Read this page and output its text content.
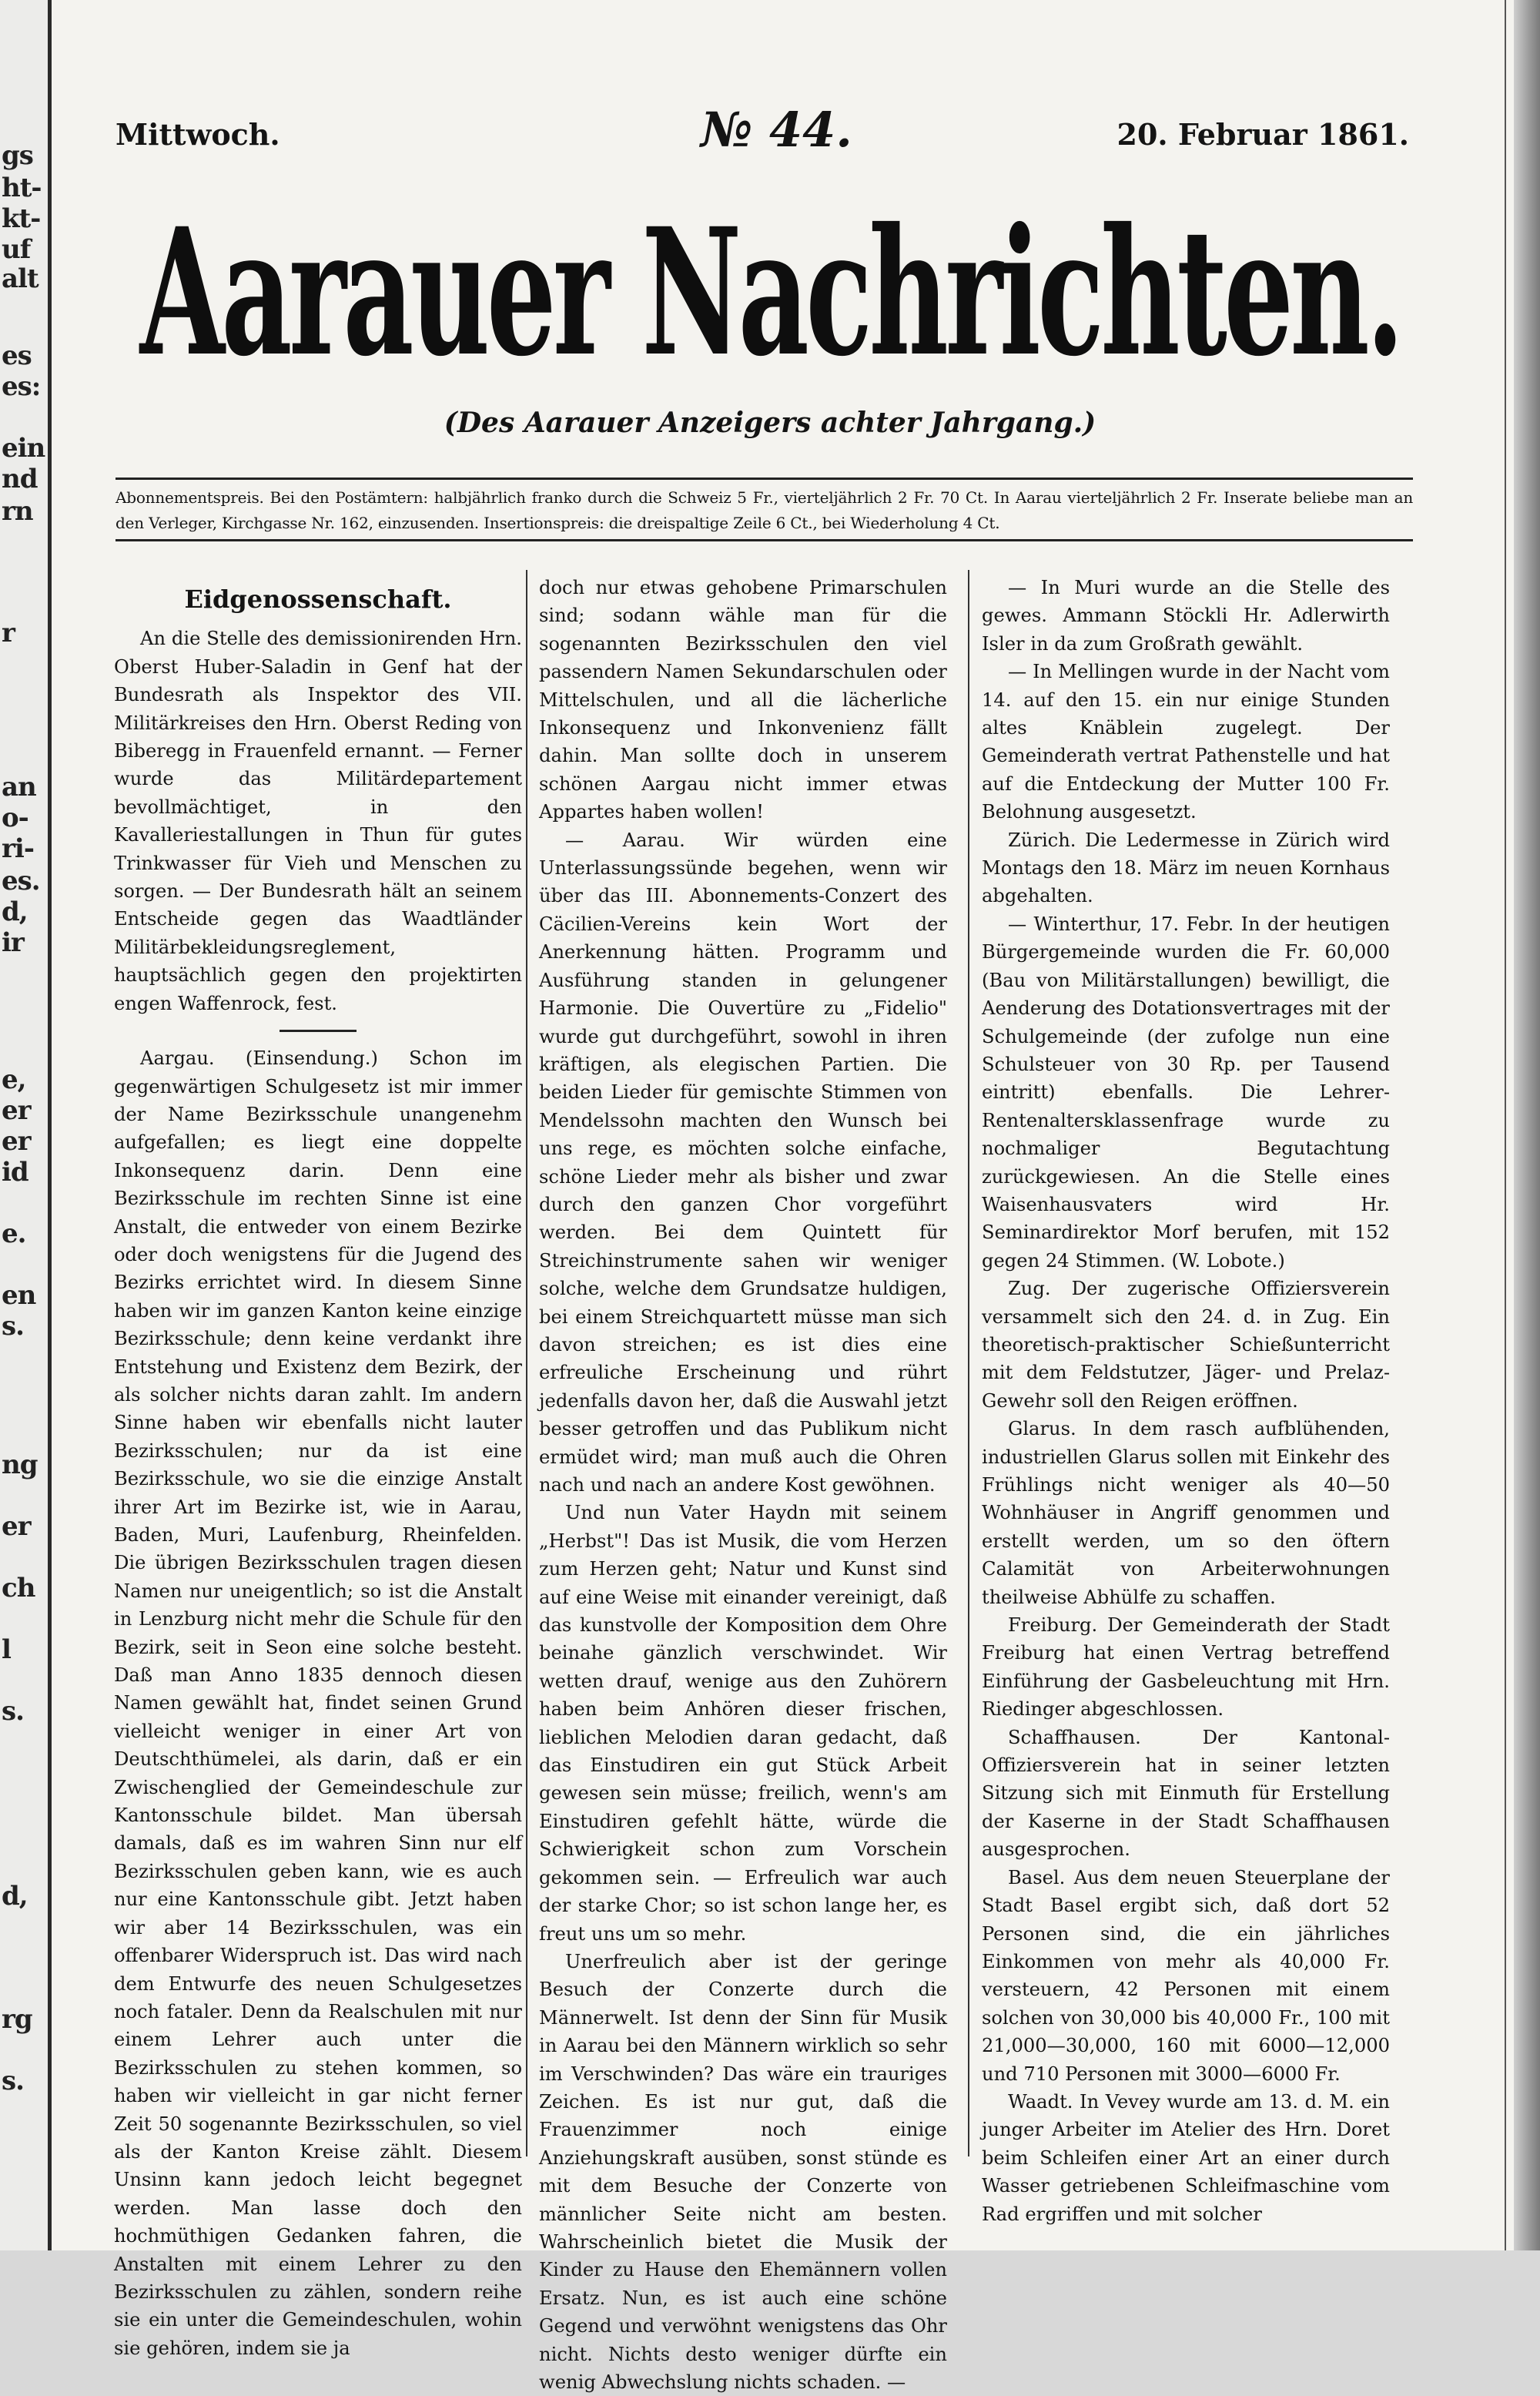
gs
ht-
kt-
uf
alt
es
es:
ein
nd
rn
r
an
o-
ri-
es.
d,
ir
e,
er
er
id
e.
en
s.
ng
er
ch
l
s.
d,
rg
s.
Mittwoch.	№ 44.	20. Februar 1861.
Aarauer Nachrichten.
(Des Aarauer Anzeigers achter Jahrgang.)
Abonnementspreis. Bei den Postämtern: halbjährlich franko durch die Schweiz 5 Fr., vierteljährlich 2 Fr. 70 Ct. In Aarau vierteljährlich 2 Fr. Inserate beliebe man an den Verleger, Kirchgasse Nr. 162, einzusenden. Insertionspreis: die dreispaltige Zeile 6 Ct., bei Wiederholung 4 Ct.
Eidgenossenschaft.

An die Stelle des demissionirenden Hrn. Oberst Huber-Saladin in Genf hat der Bundesrath als Inspektor des VII. Militärkreises den Hrn. Oberst Reding von Biberegg in Frauenfeld ernannt. — Ferner wurde das Militärdepartement bevollmächtiget, in den Kavalleriestallungen in Thun für gutes Trinkwasser für Vieh und Menschen zu sorgen. — Der Bundesrath hält an seinem Entscheide gegen das Waadtländer Militärbekleidungsreglement, hauptsächlich gegen den projektirten engen Waffenrock, fest.

Aargau. (Einsendung.) Schon im gegenwärtigen Schulgesetz ist mir immer der Name Bezirksschule unangenehm aufgefallen; es liegt eine doppelte Inkonsequenz darin. Denn eine Bezirksschule im rechten Sinne ist eine Anstalt, die entweder von einem Bezirke oder doch wenigstens für die Jugend des Bezirks errichtet wird. In diesem Sinne haben wir im ganzen Kanton keine einzige Bezirksschule; denn keine verdankt ihre Entstehung und Existenz dem Bezirk, der als solcher nichts daran zahlt. Im andern Sinne haben wir ebenfalls nicht lauter Bezirksschulen; nur da ist eine Bezirksschule, wo sie die einzige Anstalt ihrer Art im Bezirke ist, wie in Aarau, Baden, Muri, Laufenburg, Rheinfelden. Die übrigen Bezirksschulen tragen diesen Namen nur uneigentlich; so ist die Anstalt in Lenzburg nicht mehr die Schule für den Bezirk, seit in Seon eine solche besteht. Daß man Anno 1835 dennoch diesen Namen gewählt hat, findet seinen Grund vielleicht weniger in einer Art von Deutschthümelei, als darin, daß er ein Zwischenglied der Gemeindeschule zur Kantonsschule bildet. Man übersah damals, daß es im wahren Sinn nur elf Bezirksschulen geben kann, wie es auch nur eine Kantonsschule gibt. Jetzt haben wir aber 14 Bezirksschulen, was ein offenbarer Widerspruch ist. Das wird nach dem Entwurfe des neuen Schulgesetzes noch fataler. Denn da Realschulen mit nur einem Lehrer auch unter die Bezirksschulen zu stehen kommen, so haben wir vielleicht in gar nicht ferner Zeit 50 sogenannte Bezirksschulen, so viel als der Kanton Kreise zählt. Diesem Unsinn kann jedoch leicht begegnet werden. Man lasse doch den hochmüthigen Gedanken fahren, die Anstalten mit einem Lehrer zu den Bezirksschulen zu zählen, sondern reihe sie ein unter die Gemeindeschulen, wohin sie gehören, indem sie ja

doch nur etwas gehobene Primarschulen sind; sodann wähle man für die sogenannten Bezirksschulen den viel passendern Namen Sekundarschulen oder Mittelschulen, und all die lächerliche Inkonsequenz und Inkonvenienz fällt dahin. Man sollte doch in unserem schönen Aargau nicht immer etwas Appartes haben wollen!

— Aarau. Wir würden eine Unterlassungssünde begehen, wenn wir über das III. Abonnements-Conzert des Cäcilien-Vereins kein Wort der Anerkennung hätten. Programm und Ausführung standen in gelungener Harmonie. Die Ouvertüre zu „Fidelio" wurde gut durchgeführt, sowohl in ihren kräftigen, als elegischen Partien. Die beiden Lieder für gemischte Stimmen von Mendelssohn machten den Wunsch bei uns rege, es möchten solche einfache, schöne Lieder mehr als bisher und zwar durch den ganzen Chor vorgeführt werden. Bei dem Quintett für Streichinstrumente sahen wir weniger solche, welche dem Grundsatze huldigen, bei einem Streichquartett müsse man sich davon streichen; es ist dies eine erfreuliche Erscheinung und rührt jedenfalls davon her, daß die Auswahl jetzt besser getroffen und das Publikum nicht ermüdet wird; man muß auch die Ohren nach und nach an andere Kost gewöhnen.

Und nun Vater Haydn mit seinem „Herbst"! Das ist Musik, die vom Herzen zum Herzen geht; Natur und Kunst sind auf eine Weise mit einander vereinigt, daß das kunstvolle der Komposition dem Ohre beinahe gänzlich verschwindet. Wir wetten drauf, wenige aus den Zuhörern haben beim Anhören dieser frischen, lieblichen Melodien daran gedacht, daß das Einstudiren ein gut Stück Arbeit gewesen sein müsse; freilich, wenn's am Einstudiren gefehlt hätte, würde die Schwierigkeit schon zum Vorschein gekommen sein. — Erfreulich war auch der starke Chor; so ist schon lange her, es freut uns um so mehr.

Unerfreulich aber ist der geringe Besuch der Conzerte durch die Männerwelt. Ist denn der Sinn für Musik in Aarau bei den Männern wirklich so sehr im Verschwinden? Das wäre ein trauriges Zeichen. Es ist nur gut, daß die Frauenzimmer noch einige Anziehungskraft ausüben, sonst stünde es mit dem Besuche der Conzerte von männlicher Seite nicht am besten. Wahrscheinlich bietet die Musik der Kinder zu Hause den Ehemännern vollen Ersatz. Nun, es ist auch eine schöne Gegend und verwöhnt wenigstens das Ohr nicht. Nichts desto weniger dürfte ein wenig Abwechslung nichts schaden. —

— In Muri wurde an die Stelle des gewes. Ammann Stöckli Hr. Adlerwirth Isler in da zum Großrath gewählt.

— In Mellingen wurde in der Nacht vom 14. auf den 15. ein nur einige Stunden altes Knäblein zugelegt. Der Gemeinderath vertrat Pathenstelle und hat auf die Entdeckung der Mutter 100 Fr. Belohnung ausgesetzt.

Zürich. Die Ledermesse in Zürich wird Montags den 18. März im neuen Kornhaus abgehalten.

— Winterthur, 17. Febr. In der heutigen Bürgergemeinde wurden die Fr. 60,000 (Bau von Militärstallungen) bewilligt, die Aenderung des Dotationsvertrages mit der Schulgemeinde (der zufolge nun eine Schulsteuer von 30 Rp. per Tausend eintritt) ebenfalls. Die Lehrer-Rentenaltersklassenfrage wurde zu nochmaliger Begutachtung zurückgewiesen. An die Stelle eines Waisenhausvaters wird Hr. Seminardirektor Morf berufen, mit 152 gegen 24 Stimmen. (W. Lobote.)

Zug. Der zugerische Offiziersverein versammelt sich den 24. d. in Zug. Ein theoretisch-praktischer Schießunterricht mit dem Feldstutzer, Jäger- und Prelaz-Gewehr soll den Reigen eröffnen.

Glarus. In dem rasch aufblühenden, industriellen Glarus sollen mit Einkehr des Frühlings nicht weniger als 40—50 Wohnhäuser in Angriff genommen und erstellt werden, um so den öftern Calamität von Arbeiterwohnungen theilweise Abhülfe zu schaffen.

Freiburg. Der Gemeinderath der Stadt Freiburg hat einen Vertrag betreffend Einführung der Gasbeleuchtung mit Hrn. Riedinger abgeschlossen.

Schaffhausen. Der Kantonal-Offiziersverein hat in seiner letzten Sitzung sich mit Einmuth für Erstellung der Kaserne in der Stadt Schaffhausen ausgesprochen.

Basel. Aus dem neuen Steuerplane der Stadt Basel ergibt sich, daß dort 52 Personen sind, die ein jährliches Einkommen von mehr als 40,000 Fr. versteuern, 42 Personen mit einem solchen von 30,000 bis 40,000 Fr., 100 mit 21,000—30,000, 160 mit 6000—12,000 und 710 Personen mit 3000—6000 Fr.

Waadt. In Vevey wurde am 13. d. M. ein junger Arbeiter im Atelier des Hrn. Doret beim Schleifen einer Art an einer durch Wasser getriebenen Schleifmaschine vom Rad ergriffen und mit solcher
